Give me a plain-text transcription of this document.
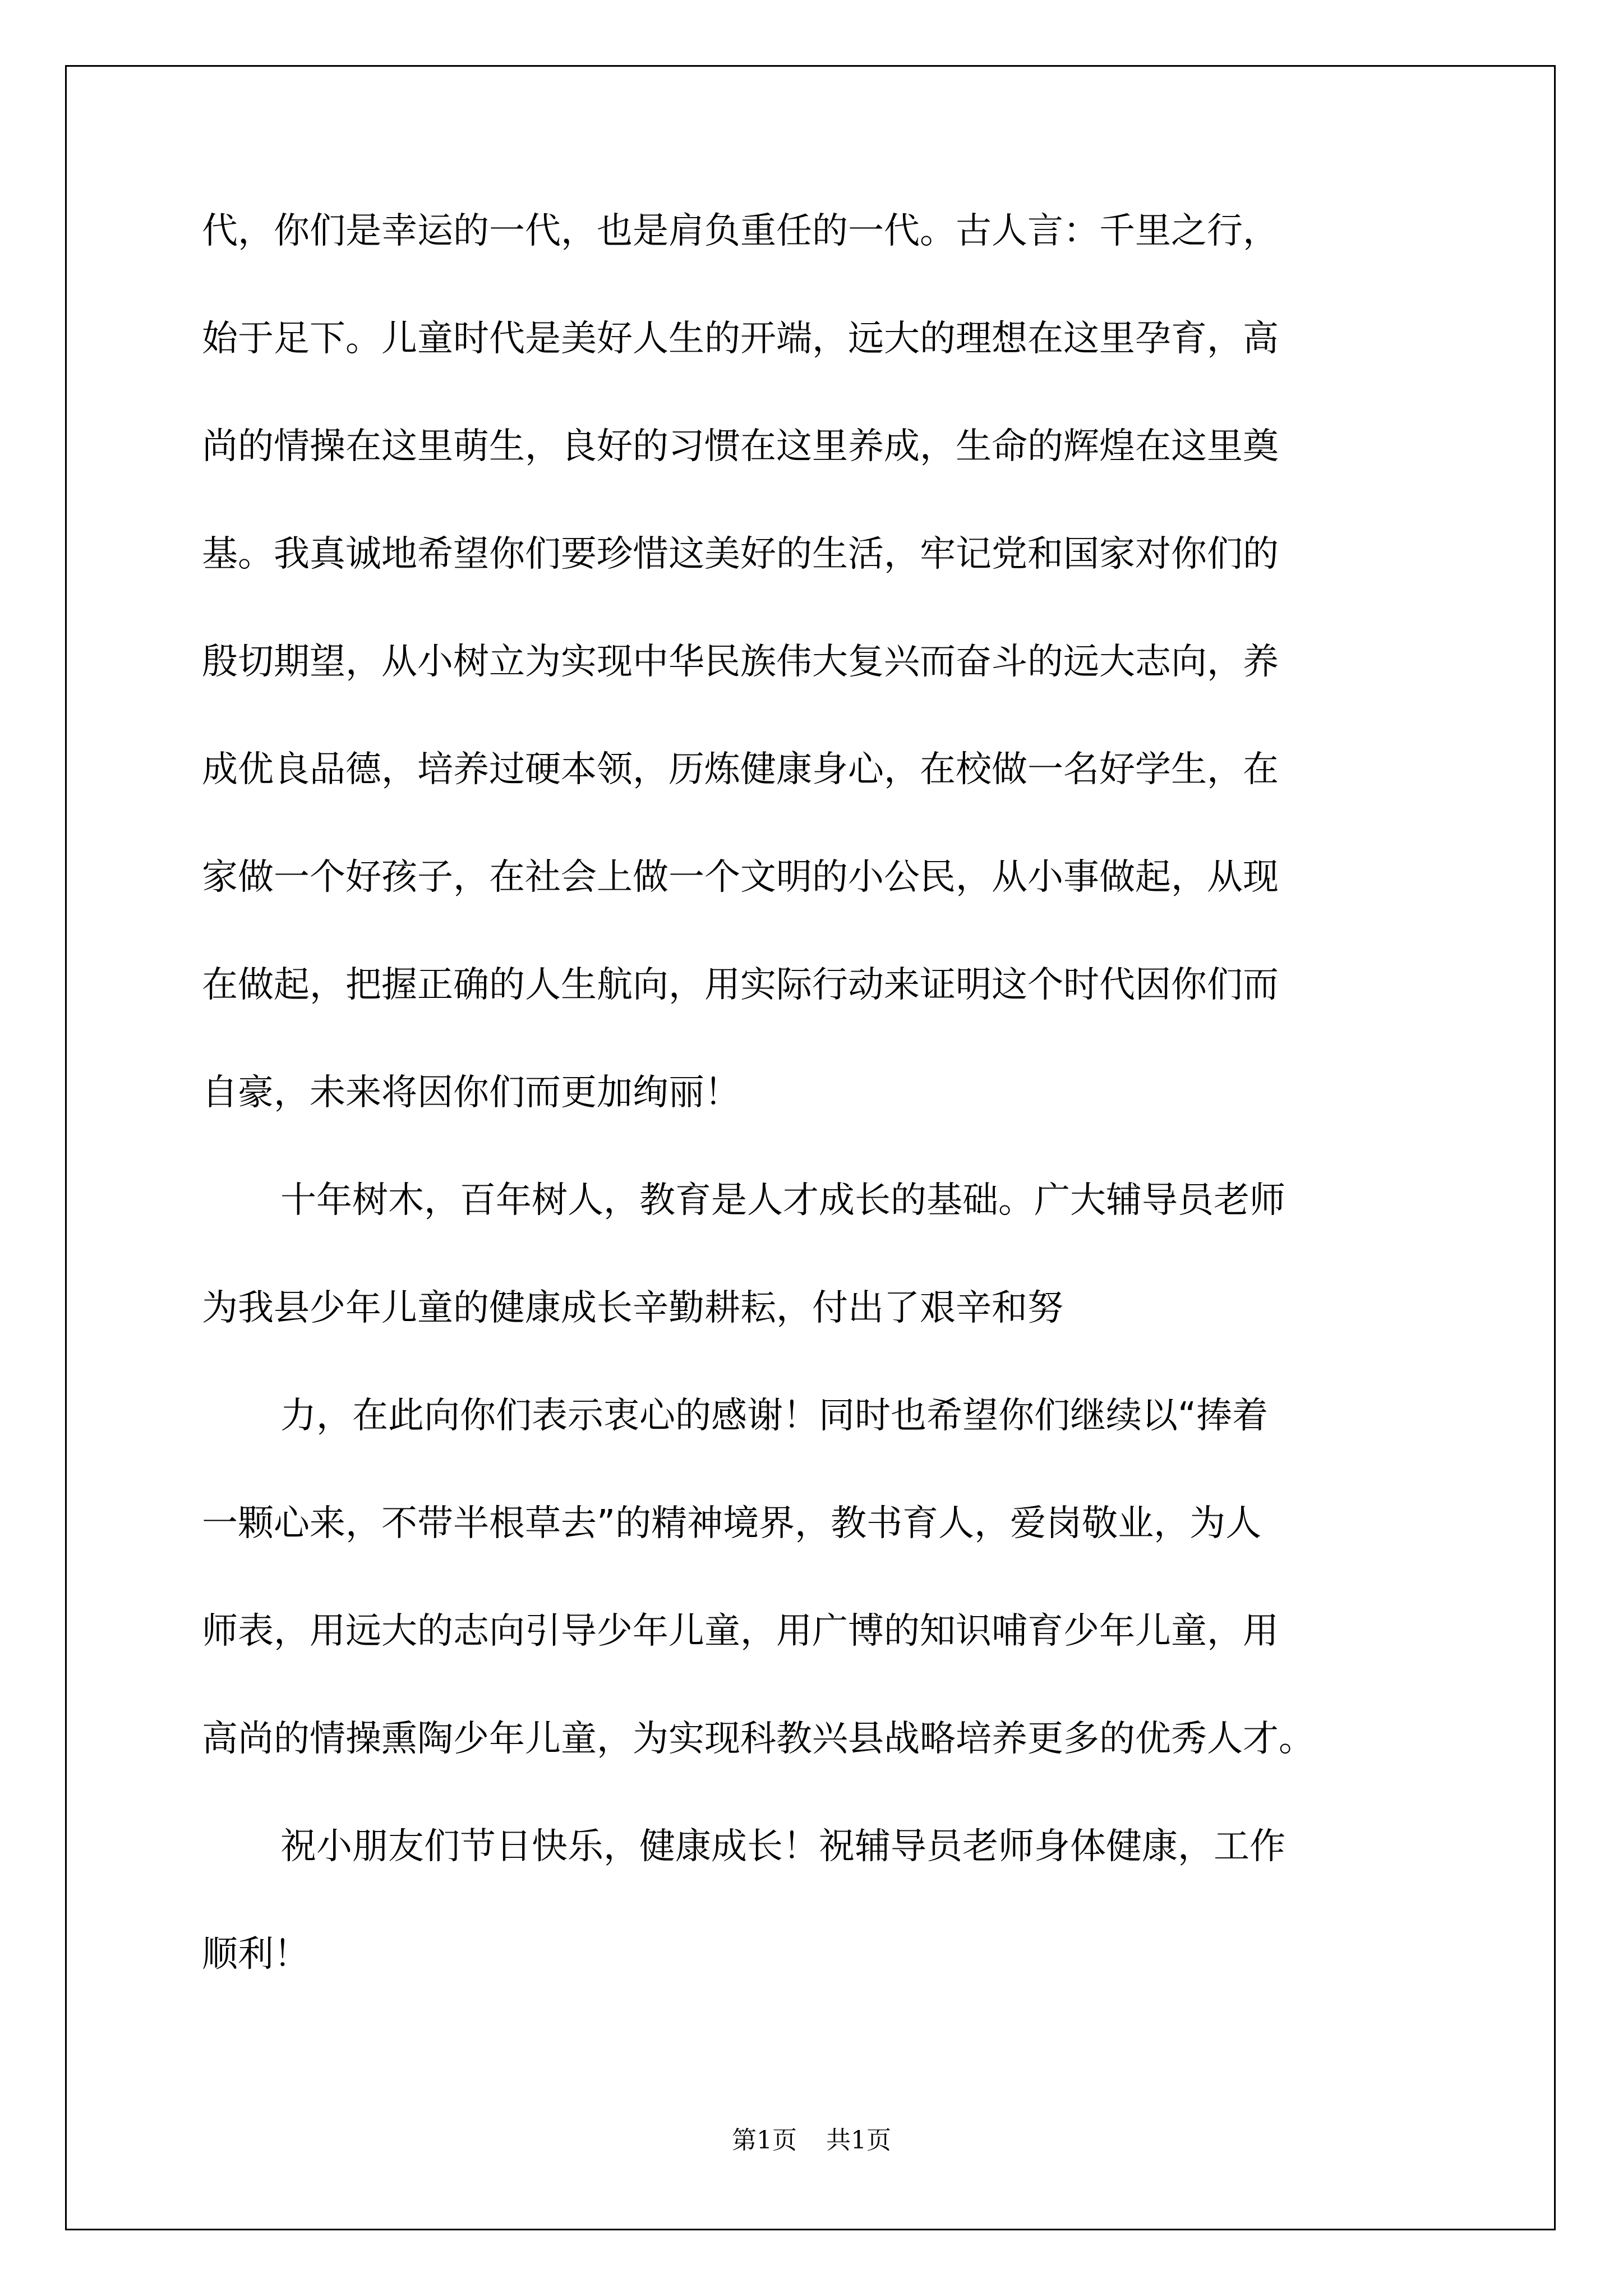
代，你们是幸运的一代，也是肩负重任的一代。古人言：千里之行，
始于足下。儿童时代是美好人生的开端，远大的理想在这里孕育，高
尚的情操在这里萌生，良好的习惯在这里养成，生命的辉煌在这里奠
基。我真诚地希望你们要珍惜这美好的生活，牢记党和国家对你们的
殷切期望，从小树立为实现中华民族伟大复兴而奋斗的远大志向，养
成优良品德，培养过硬本领，历炼健康身心，在校做一名好学生，在
家做一个好孩子，在社会上做一个文明的小公民，从小事做起，从现
在做起，把握正确的人生航向，用实际行动来证明这个时代因你们而
自豪，未来将因你们而更加绚丽！
十年树木，百年树人，教育是人才成长的基础。广大辅导员老师
为我县少年儿童的健康成长辛勤耕耘，付出了艰辛和努
力，在此向你们表示衷心的感谢！同时也希望你们继续以“捧着
一颗心来，不带半根草去”的精神境界，教书育人，爱岗敬业，为人
师表，用远大的志向引导少年儿童，用广博的知识哺育少年儿童，用
高尚的情操熏陶少年儿童，为实现科教兴县战略培养更多的优秀人才。
祝小朋友们节日快乐，健康成长！祝辅导员老师身体健康，工作
顺利！
第1页 共1页
